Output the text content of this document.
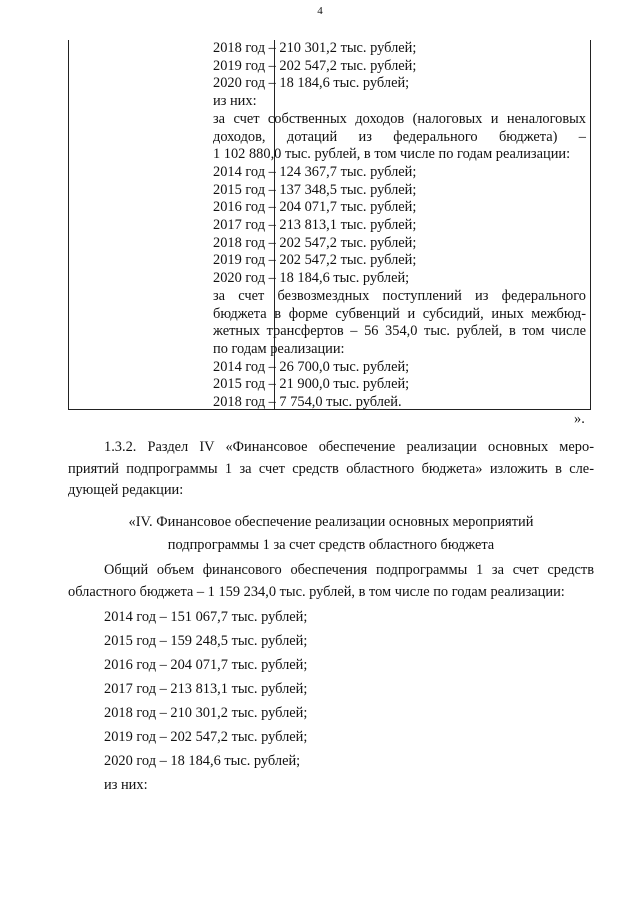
4
2018 год – 210 301,2 тыс. рублей;
2019 год – 202 547,2 тыс. рублей;
2020 год – 18 184,6 тыс. рублей;
из них:
за счет собственных доходов (налоговых и неналоговых
доходов, дотаций из федерального бюджета) –
1 102 880,0 тыс. рублей, в том числе по годам реализации:
2014 год – 124 367,7 тыс. рублей;
2015 год – 137 348,5 тыс. рублей;
2016 год – 204 071,7 тыс. рублей;
2017 год – 213 813,1 тыс. рублей;
2018 год – 202 547,2 тыс. рублей;
2019 год – 202 547,2 тыс. рублей;
2020 год – 18 184,6 тыс. рублей;
за счет безвозмездных поступлений из федерального
бюджета в форме субвенций и субсидий, иных межбюд-
жетных трансфертов – 56 354,0 тыс. рублей, в том числе
по годам реализации:
2014 год – 26 700,0 тыс. рублей;
2015 год – 21 900,0 тыс. рублей;
2018 год – 7 754,0 тыс. рублей.
».
1.3.2. Раздел IV «Финансовое обеспечение реализации основных меро-
приятий подпрограммы 1 за счет средств областного бюджета» изложить в сле-
дующей редакции:
«IV. Финансовое обеспечение реализации основных мероприятий
подпрограммы 1 за счет средств областного бюджета
Общий объем финансового обеспечения подпрограммы 1 за счет средств
областного бюджета – 1 159 234,0 тыс. рублей, в том числе по годам реализации:
2014 год – 151 067,7 тыс. рублей;
2015 год – 159 248,5 тыс. рублей;
2016 год – 204 071,7 тыс. рублей;
2017 год – 213 813,1 тыс. рублей;
2018 год – 210 301,2 тыс. рублей;
2019 год – 202 547,2 тыс. рублей;
2020 год – 18 184,6 тыс. рублей;
из них:
